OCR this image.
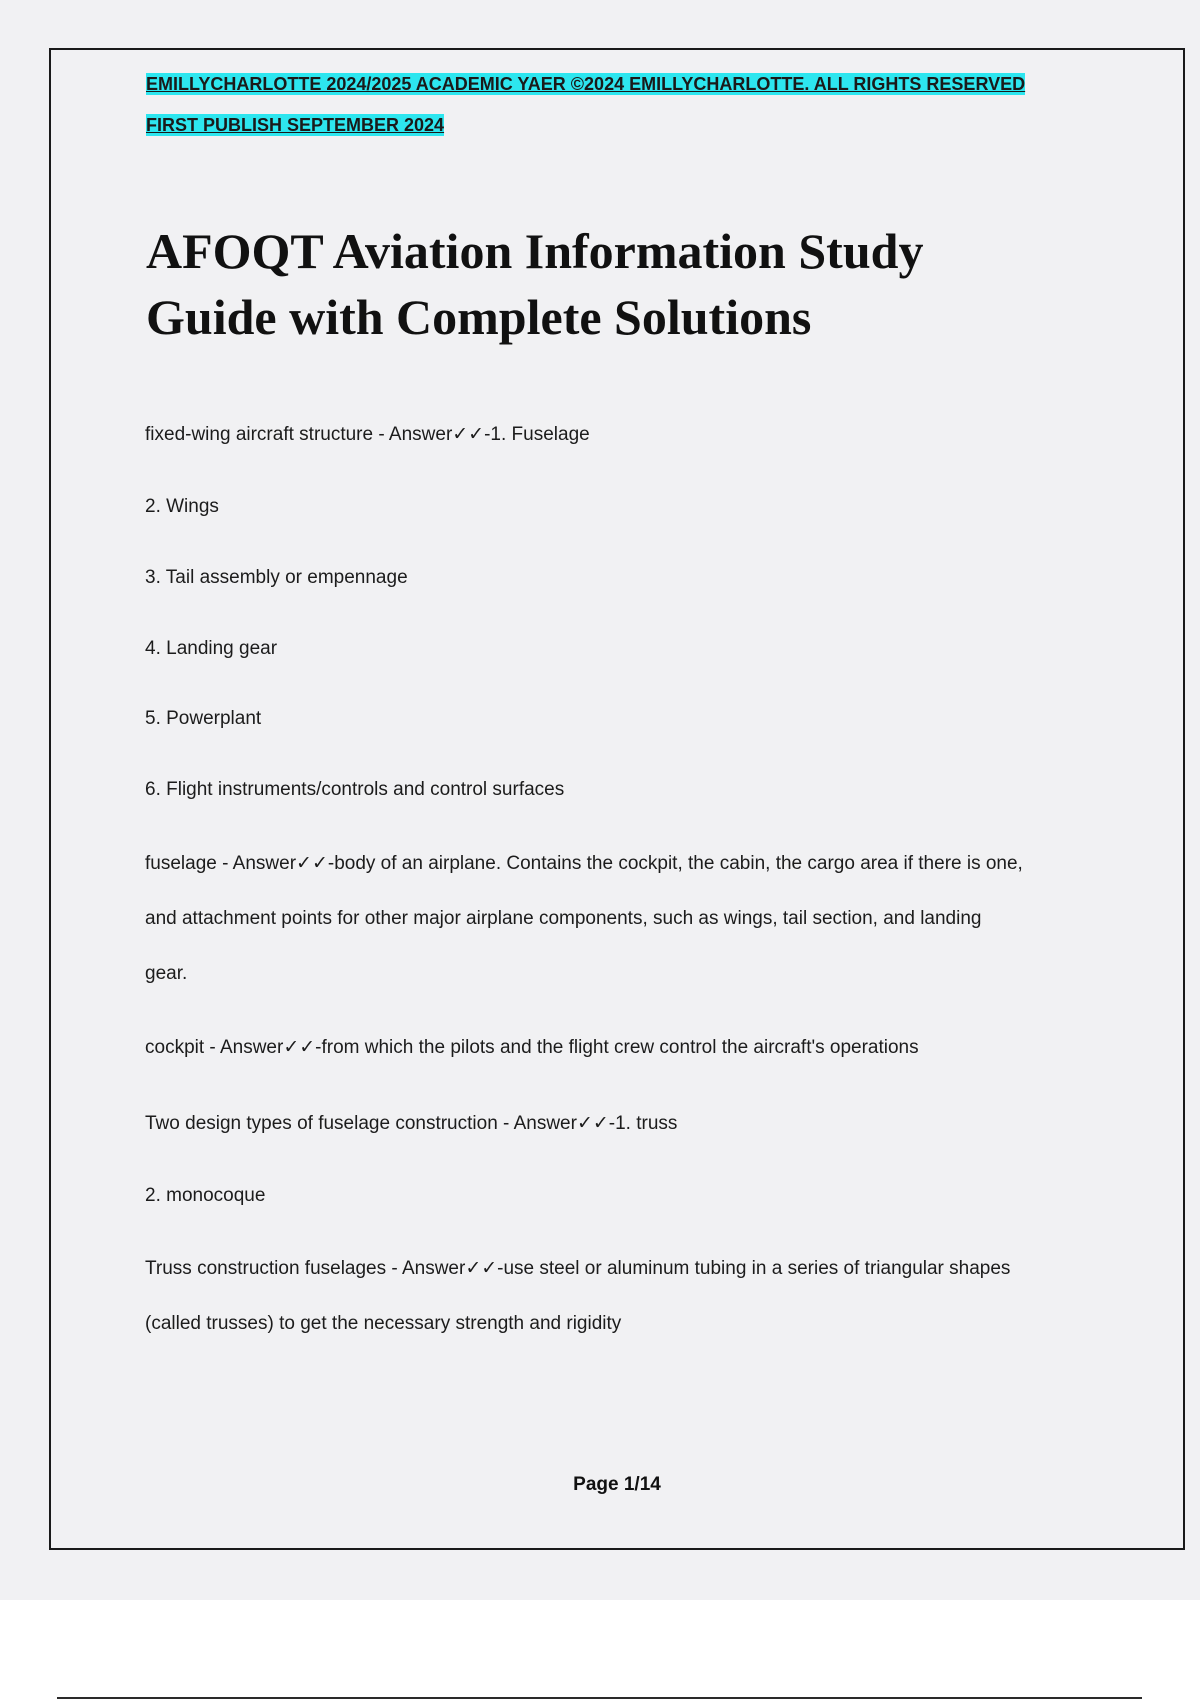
EMILLYCHARLOTTE 2024/2025 ACADEMIC YAER ©2024 EMILLYCHARLOTTE. ALL RIGHTS RESERVED
FIRST PUBLISH SEPTEMBER 2024
AFOQT Aviation Information Study
Guide with Complete Solutions
fixed-wing aircraft structure - Answer✓✓-1. Fuselage
2. Wings
3. Tail assembly or empennage
4. Landing gear
5. Powerplant
6. Flight instruments/controls and control surfaces
fuselage - Answer✓✓-body of an airplane. Contains the cockpit, the cabin, the cargo area if there is one,
and attachment points for other major airplane components, such as wings, tail section, and landing
gear.
cockpit - Answer✓✓-from which the pilots and the flight crew control the aircraft's operations
Two design types of fuselage construction - Answer✓✓-1. truss
2. monocoque
Truss construction fuselages - Answer✓✓-use steel or aluminum tubing in a series of triangular shapes
(called trusses) to get the necessary strength and rigidity
Page 1/14
